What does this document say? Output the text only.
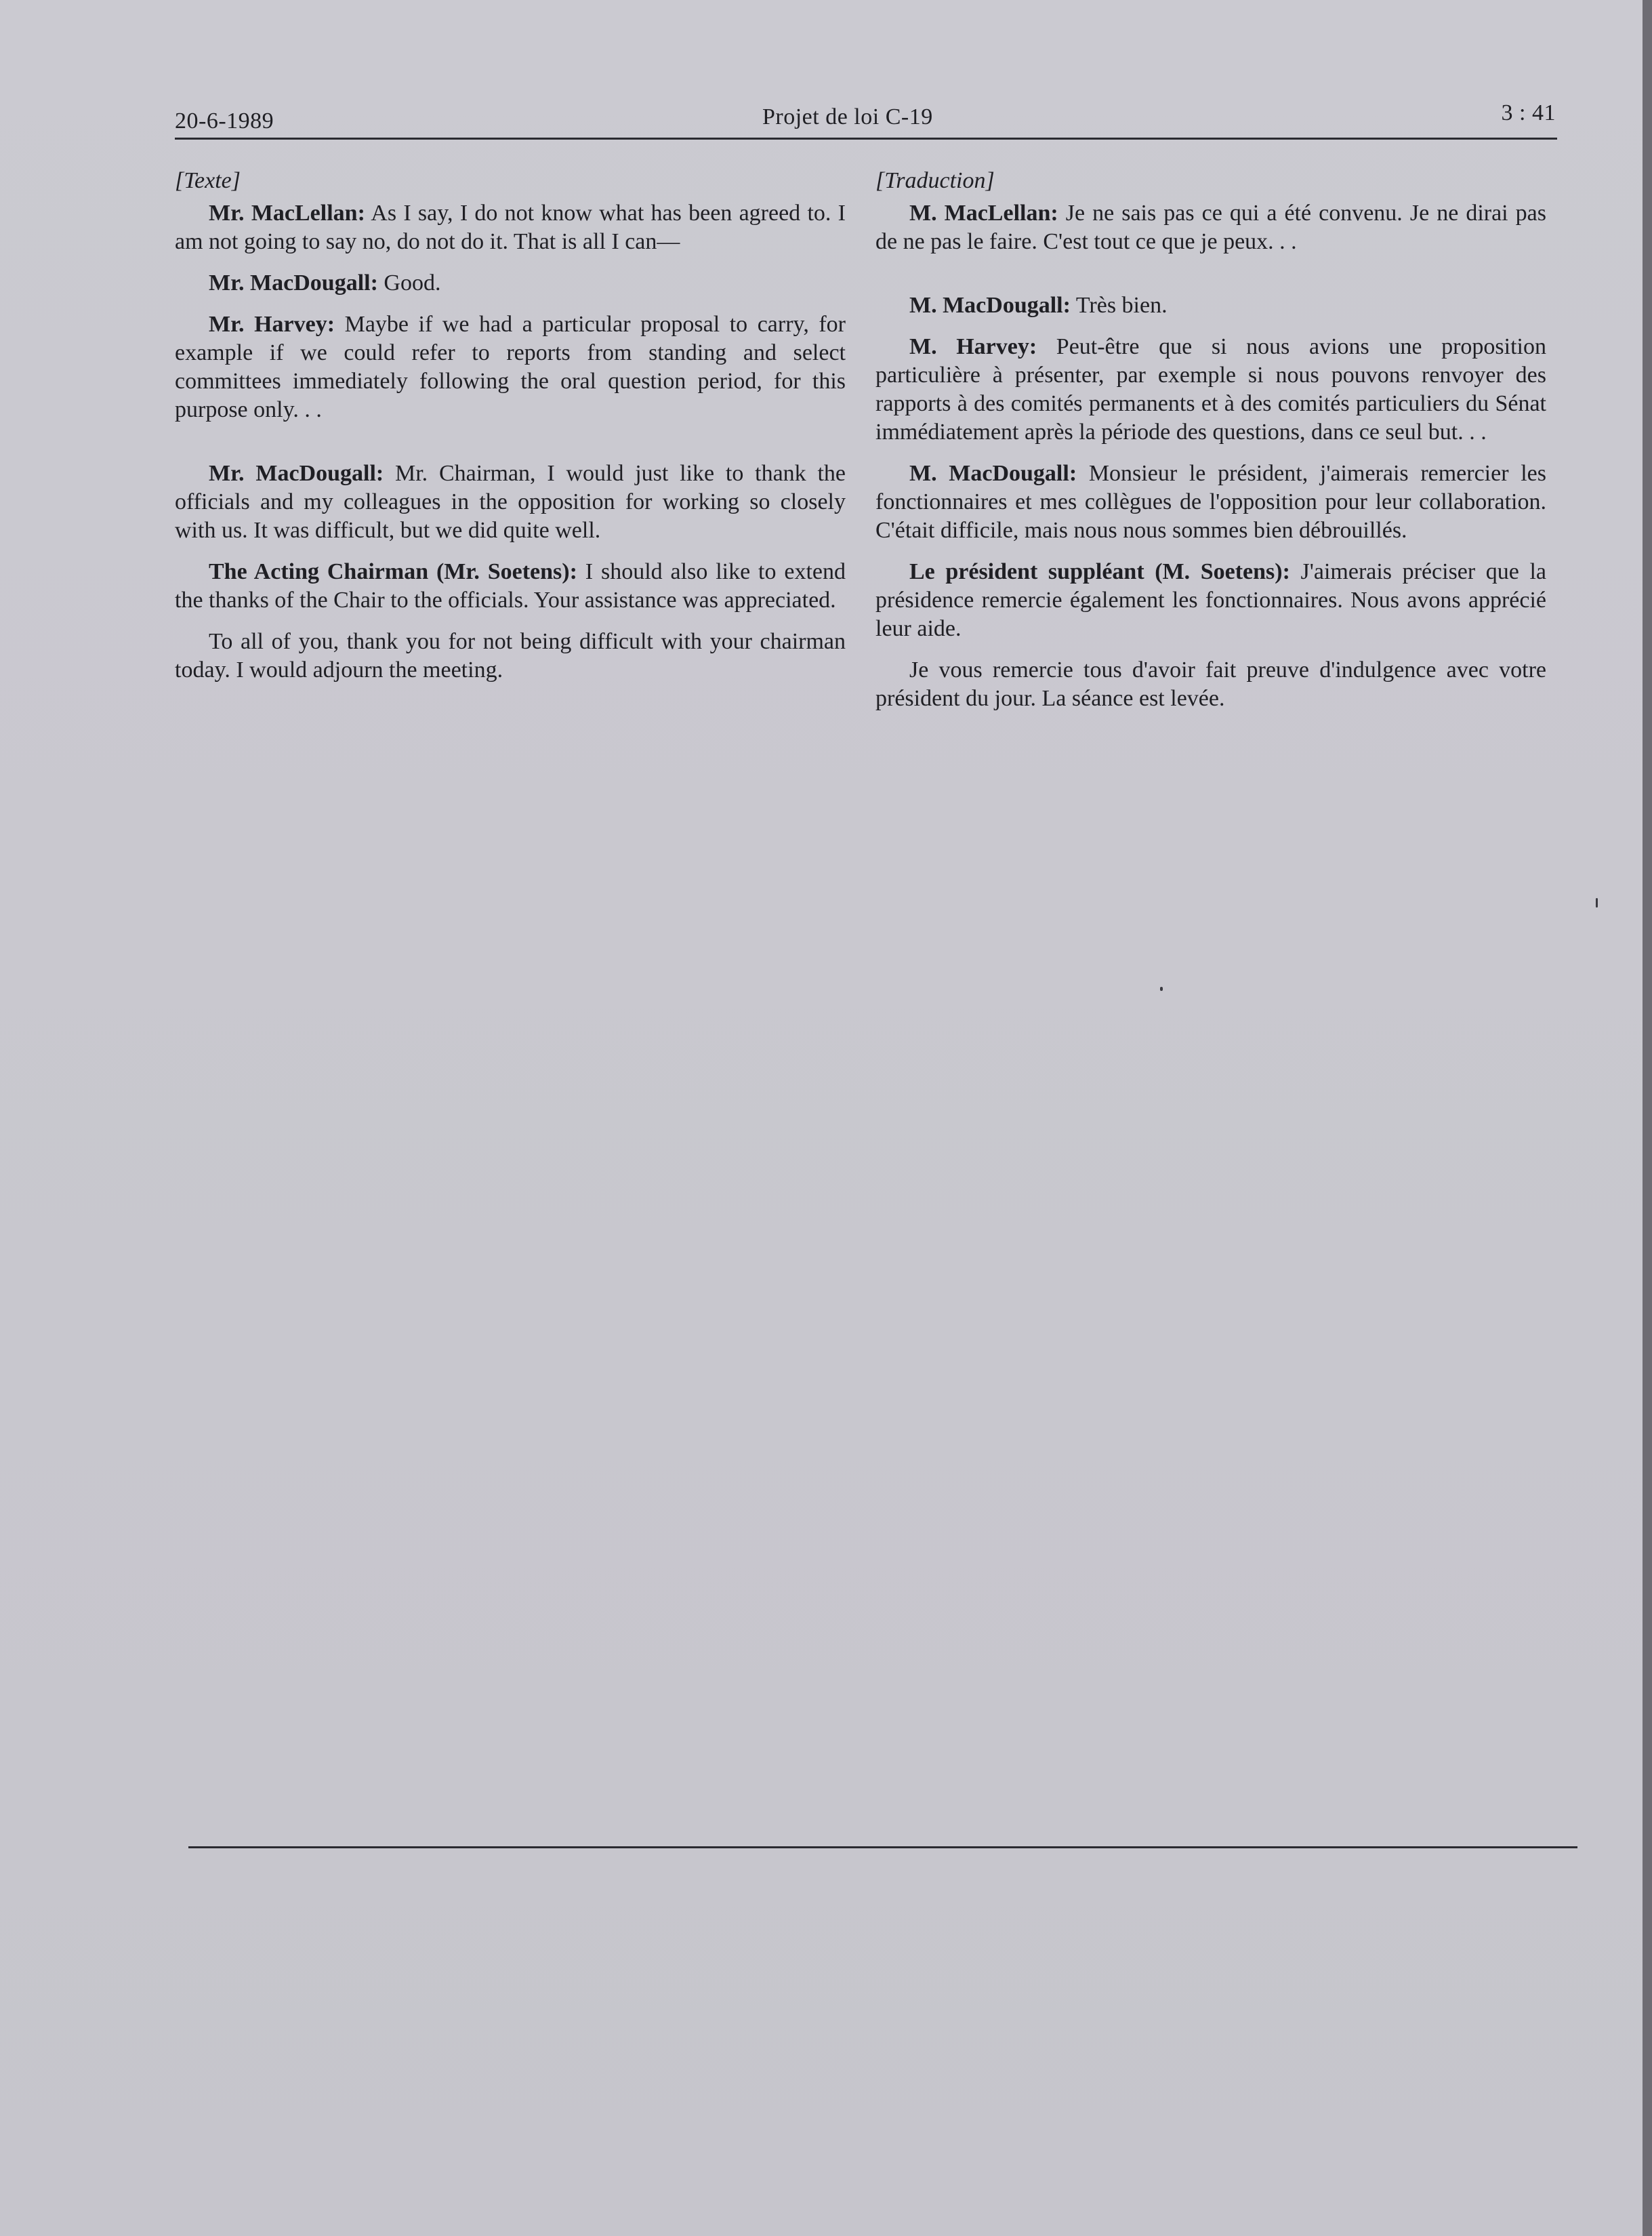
20-6-1989	Projet de loi C-19	3 : 41

[Texte]

Mr. MacLellan: As I say, I do not know what has been agreed to. I am not going to say no, do not do it. That is all I can—

Mr. MacDougall: Good.

Mr. Harvey: Maybe if we had a particular proposal to carry, for example if we could refer to reports from standing and select committees immediately following the oral question period, for this purpose only. . .

Mr. MacDougall: Mr. Chairman, I would just like to thank the officials and my colleagues in the opposition for working so closely with us. It was difficult, but we did quite well.

The Acting Chairman (Mr. Soetens): I should also like to extend the thanks of the Chair to the officials. Your assistance was appreciated.

To all of you, thank you for not being difficult with your chairman today. I would adjourn the meeting.

[Traduction]

M. MacLellan: Je ne sais pas ce qui a été convenu. Je ne dirai pas de ne pas le faire. C'est tout ce que je peux. . .

M. MacDougall: Très bien.

M. Harvey: Peut-être que si nous avions une proposition particulière à présenter, par exemple si nous pouvons renvoyer des rapports à des comités permanents et à des comités particuliers du Sénat immédiatement après la période des questions, dans ce seul but. . .

M. MacDougall: Monsieur le président, j'aimerais remercier les fonctionnaires et mes collègues de l'opposition pour leur collaboration. C'était difficile, mais nous nous sommes bien débrouillés.

Le président suppléant (M. Soetens): J'aimerais préciser que la présidence remercie également les fonctionnaires. Nous avons apprécié leur aide.

Je vous remercie tous d'avoir fait preuve d'indulgence avec votre président du jour. La séance est levée.
